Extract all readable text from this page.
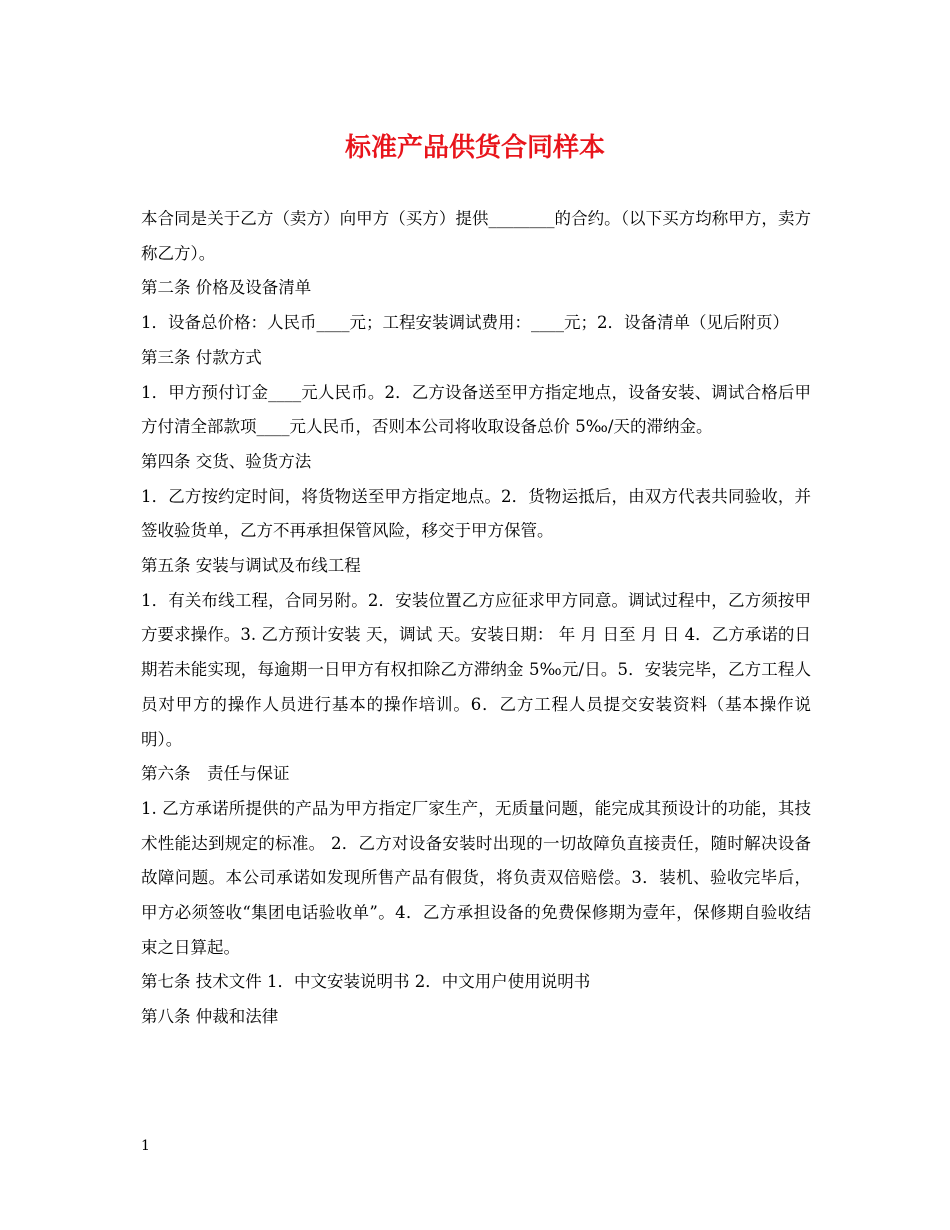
标准产品供货合同样本

本合同是关于乙方（卖方）向甲方（买方）提供________的合约。（以下买方均称甲方，卖方称乙方）。

第二条 价格及设备清单

1．设备总价格：人民币____元；工程安装调试费用：____元；2．设备清单（见后附页）

第三条 付款方式

1．甲方预付订金____元人民币。2．乙方设备送至甲方指定地点，设备安装、调试合格后甲方付清全部款项____元人民币，否则本公司将收取设备总价 5‰/天的滞纳金。

第四条 交货、验货方法

1．乙方按约定时间，将货物送至甲方指定地点。2．货物运抵后，由双方代表共同验收，并签收验货单，乙方不再承担保管风险，移交于甲方保管。

第五条 安装与调试及布线工程

1．有关布线工程，合同另附。2．安装位置乙方应征求甲方同意。调试过程中，乙方须按甲方要求操作。3. 乙方预计安装 天，调试 天。安装日期： 年 月 日至 月 日 4．乙方承诺的日期若未能实现，每逾期一日甲方有权扣除乙方滞纳金 5‰元/日。5．安装完毕，乙方工程人员对甲方的操作人员进行基本的操作培训。6．乙方工程人员提交安装资料（基本操作说明）。

第六条　责任与保证

1. 乙方承诺所提供的产品为甲方指定厂家生产，无质量问题，能完成其预设计的功能，其技术性能达到规定的标准。 2．乙方对设备安装时出现的一切故障负直接责任，随时解决设备故障问题。本公司承诺如发现所售产品有假货，将负责双倍赔偿。3．装机、验收完毕后，甲方必须签收“集团电话验收单”。4．乙方承担设备的免费保修期为壹年，保修期自验收结束之日算起。

第七条 技术文件 1．中文安装说明书 2．中文用户使用说明书

第八条 仲裁和法律

1
